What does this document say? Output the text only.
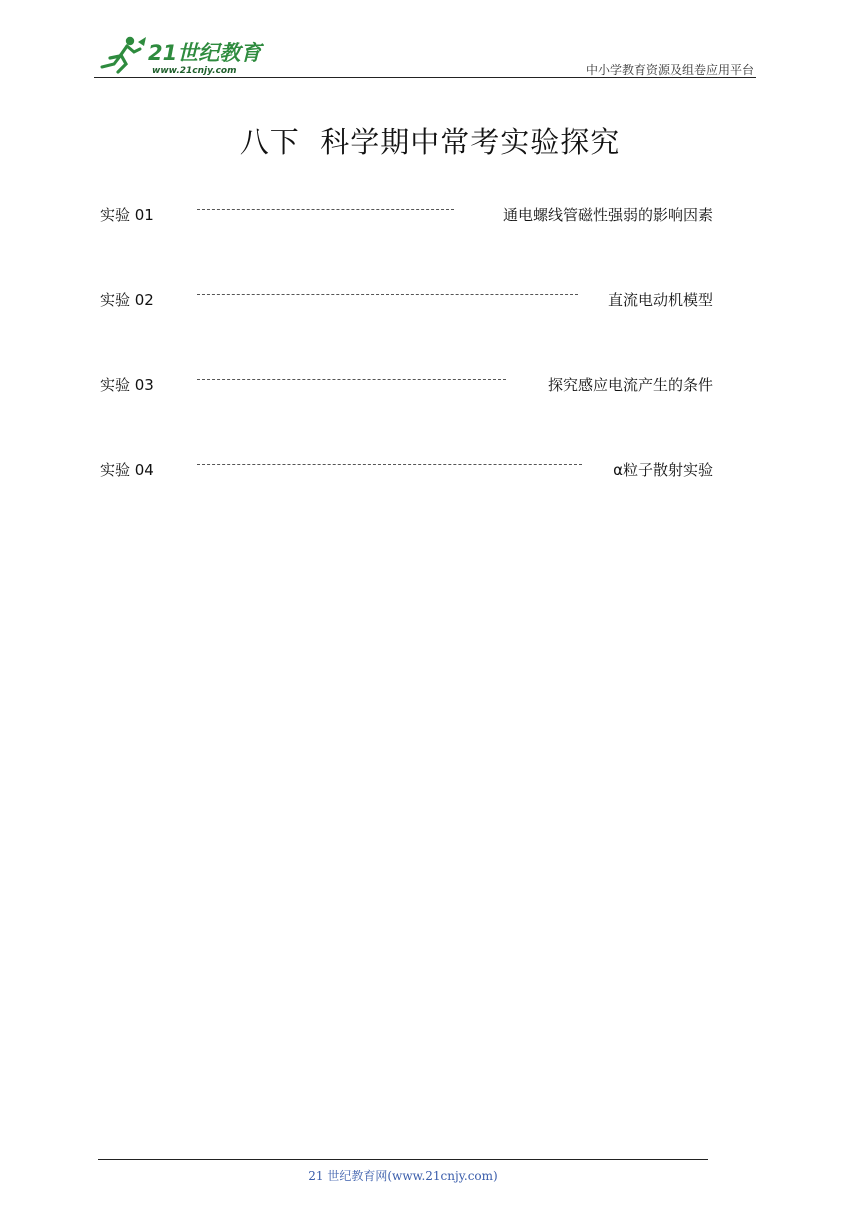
21世纪教育
www.21cnjy.com	中小学教育资源及组卷应用平台
八下  科学期中常考实验探究
实验 01	通电螺线管磁性强弱的影响因素
实验 02	直流电动机模型
实验 03	探究感应电流产生的条件
实验 04	α粒子散射实验
21 世纪教育网(www.21cnjy.com)
